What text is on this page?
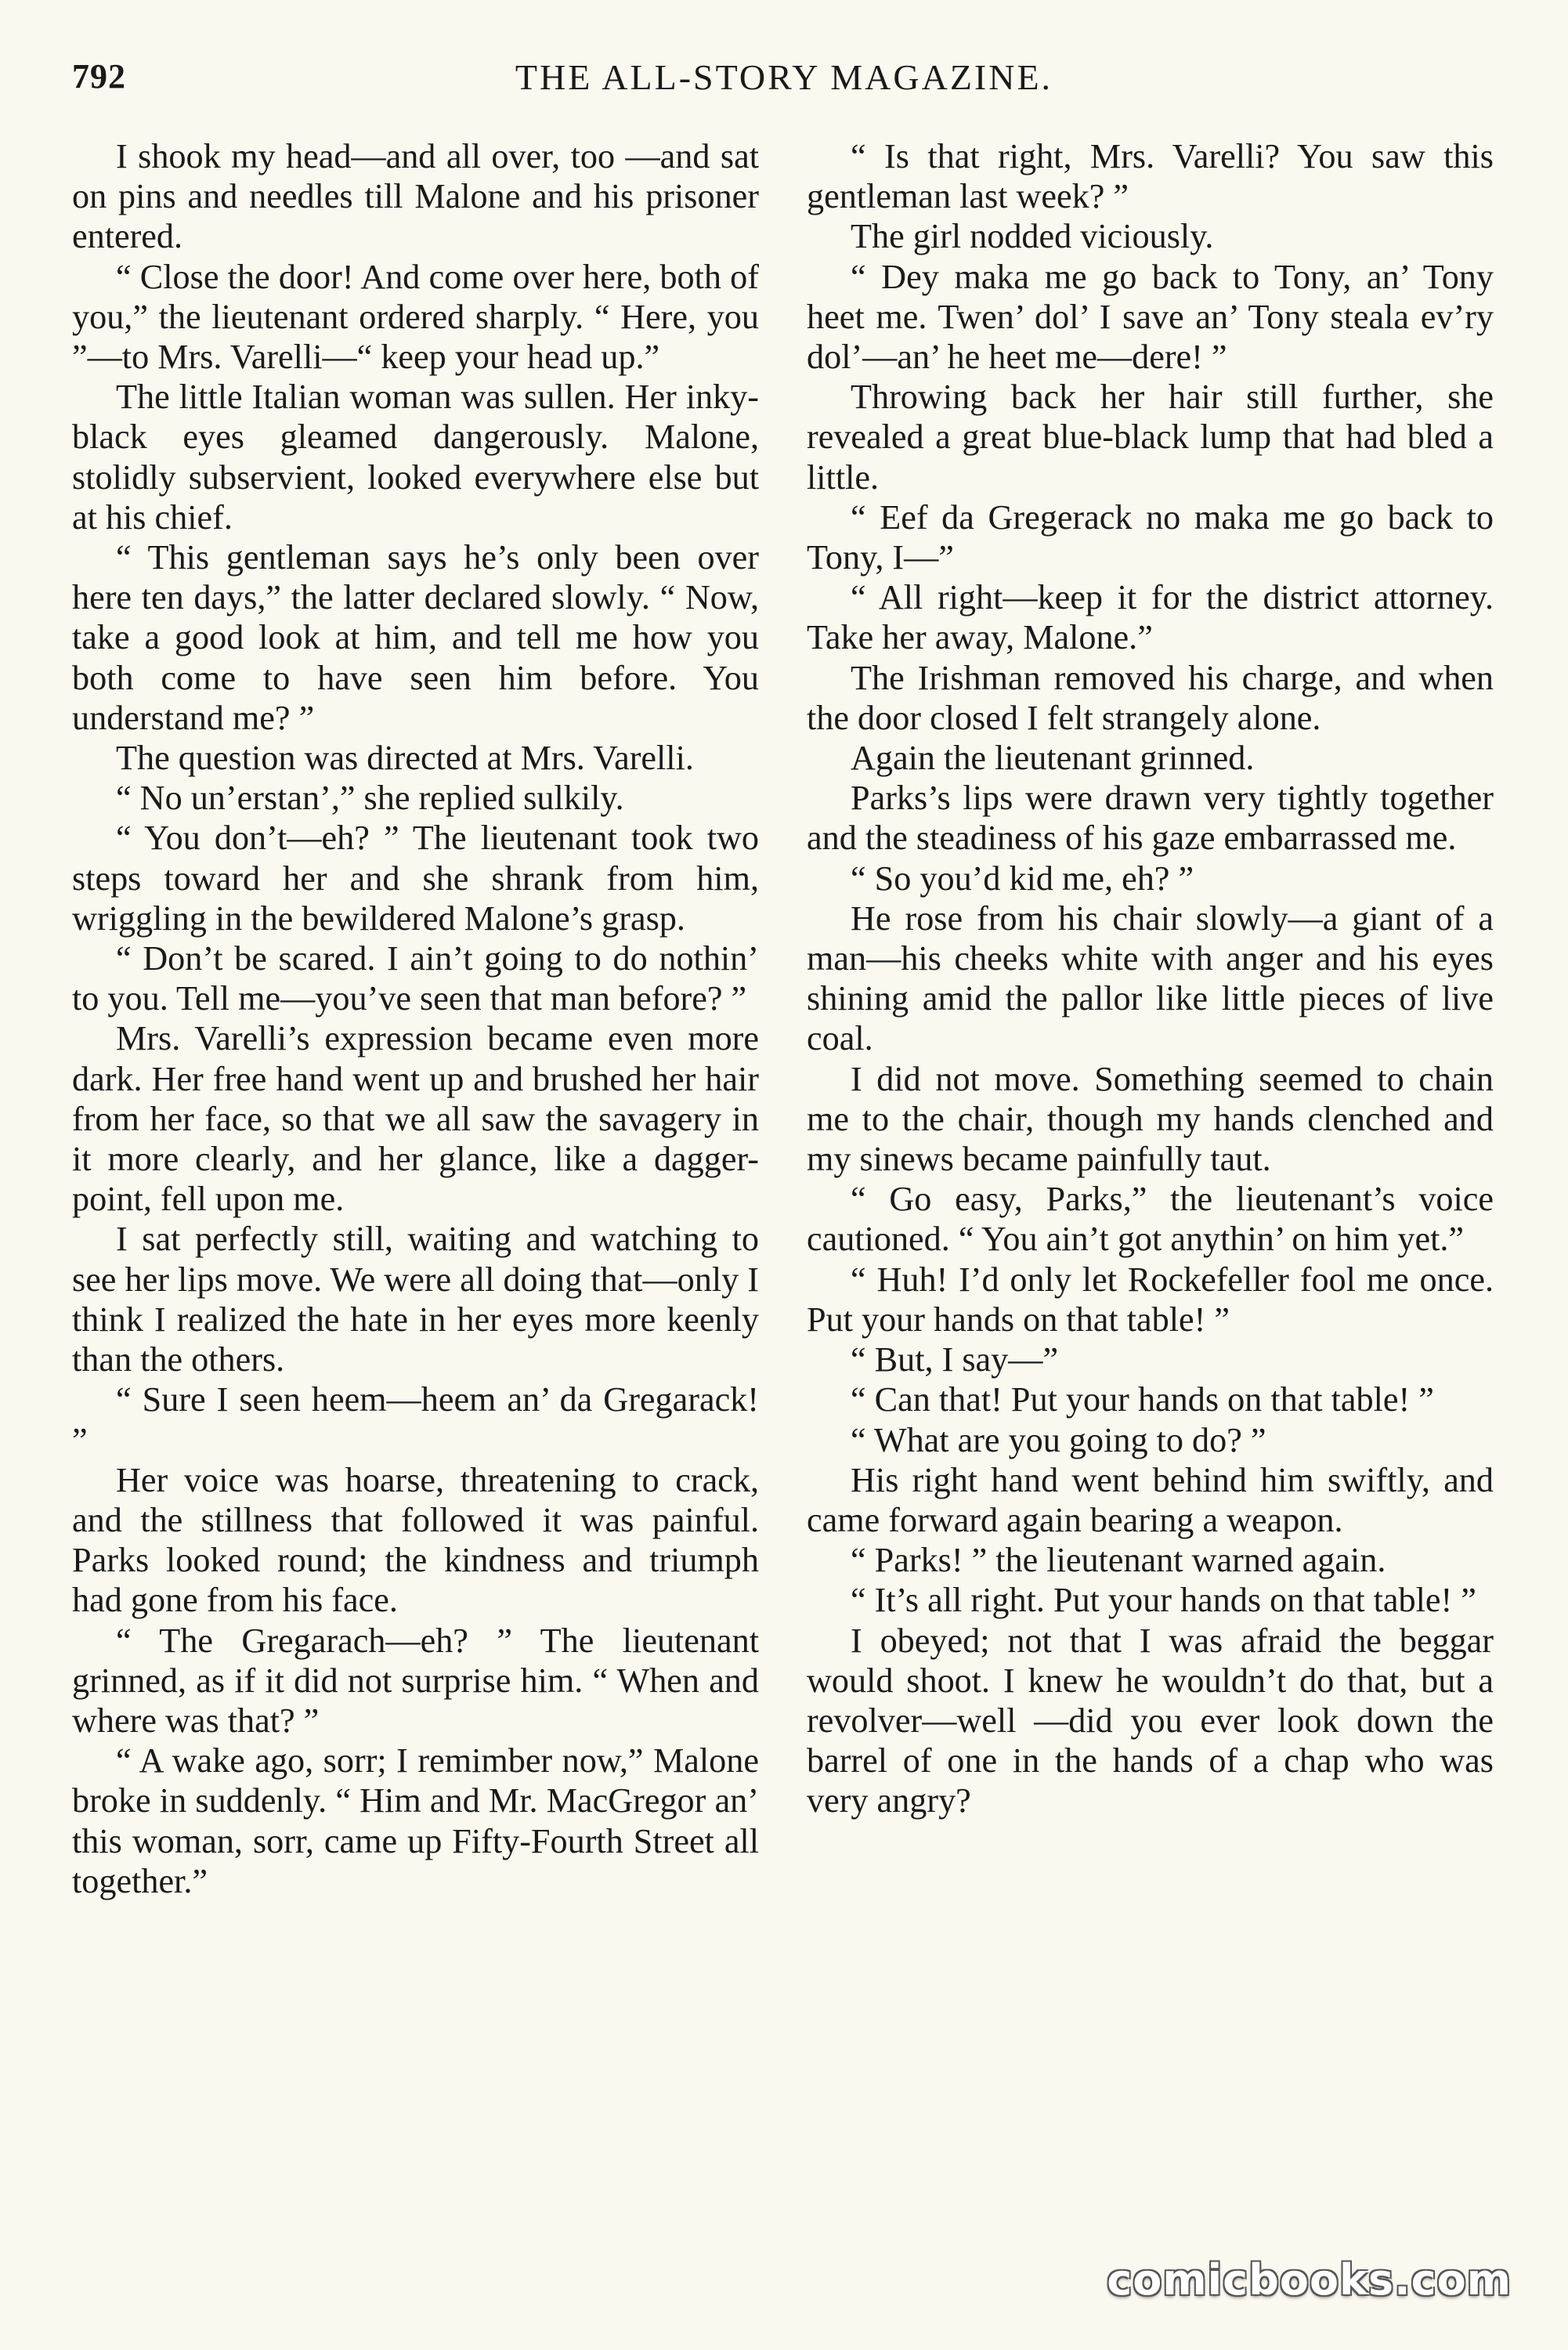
792	THE ALL-STORY MAGAZINE.

I shook my head—and all over, too —and sat on pins and needles till Malone and his prisoner entered.

“ Close the door! And come over here, both of you,” the lieutenant ordered sharply. “ Here, you ”—to Mrs. Varelli—“ keep your head up.”

The little Italian woman was sullen. Her inky-black eyes gleamed dangerously. Malone, stolidly subservient, looked everywhere else but at his chief.

“ This gentleman says he’s only been over here ten days,” the latter declared slowly. “ Now, take a good look at him, and tell me how you both come to have seen him before. You understand me? ”

The question was directed at Mrs. Varelli.

“ No un’erstan’,” she replied sulkily.

“ You don’t—eh? ” The lieutenant took two steps toward her and she shrank from him, wriggling in the bewildered Malone’s grasp.

“ Don’t be scared. I ain’t going to do nothin’ to you. Tell me—you’ve seen that man before? ”

Mrs. Varelli’s expression became even more dark. Her free hand went up and brushed her hair from her face, so that we all saw the savagery in it more clearly, and her glance, like a dagger-point, fell upon me.

I sat perfectly still, waiting and watching to see her lips move. We were all doing that—only I think I realized the hate in her eyes more keenly than the others.

“ Sure I seen heem—heem an’ da Gregarack! ”

Her voice was hoarse, threatening to crack, and the stillness that followed it was painful. Parks looked round; the kindness and triumph had gone from his face.

“ The Gregarach—eh? ” The lieutenant grinned, as if it did not surprise him. “ When and where was that? ”

“ A wake ago, sorr; I remimber now,” Malone broke in suddenly. “ Him and Mr. MacGregor an’ this woman, sorr, came up Fifty-Fourth Street all together.”

“ Is that right, Mrs. Varelli? You saw this gentleman last week? ”

The girl nodded viciously.

“ Dey maka me go back to Tony, an’ Tony heet me. Twen’ dol’ I save an’ Tony steala ev’ry dol’—an’ he heet me—dere! ”

Throwing back her hair still further, she revealed a great blue-black lump that had bled a little.

“ Eef da Gregerack no maka me go back to Tony, I—”

“ All right—keep it for the district attorney. Take her away, Malone.”

The Irishman removed his charge, and when the door closed I felt strangely alone.

Again the lieutenant grinned.

Parks’s lips were drawn very tightly together and the steadiness of his gaze embarrassed me.

“ So you’d kid me, eh? ”

He rose from his chair slowly—a giant of a man—his cheeks white with anger and his eyes shining amid the pallor like little pieces of live coal.

I did not move. Something seemed to chain me to the chair, though my hands clenched and my sinews became painfully taut.

“ Go easy, Parks,” the lieutenant’s voice cautioned. “ You ain’t got anythin’ on him yet.”

“ Huh! I’d only let Rockefeller fool me once. Put your hands on that table! ”

“ But, I say—”

“ Can that! Put your hands on that table! ”

“ What are you going to do? ”

His right hand went behind him swiftly, and came forward again bearing a weapon.

“ Parks! ” the lieutenant warned again.

“ It’s all right. Put your hands on that table! ”

I obeyed; not that I was afraid the beggar would shoot. I knew he wouldn’t do that, but a revolver—well —did you ever look down the barrel of one in the hands of a chap who was very angry?

comicbooks.com
